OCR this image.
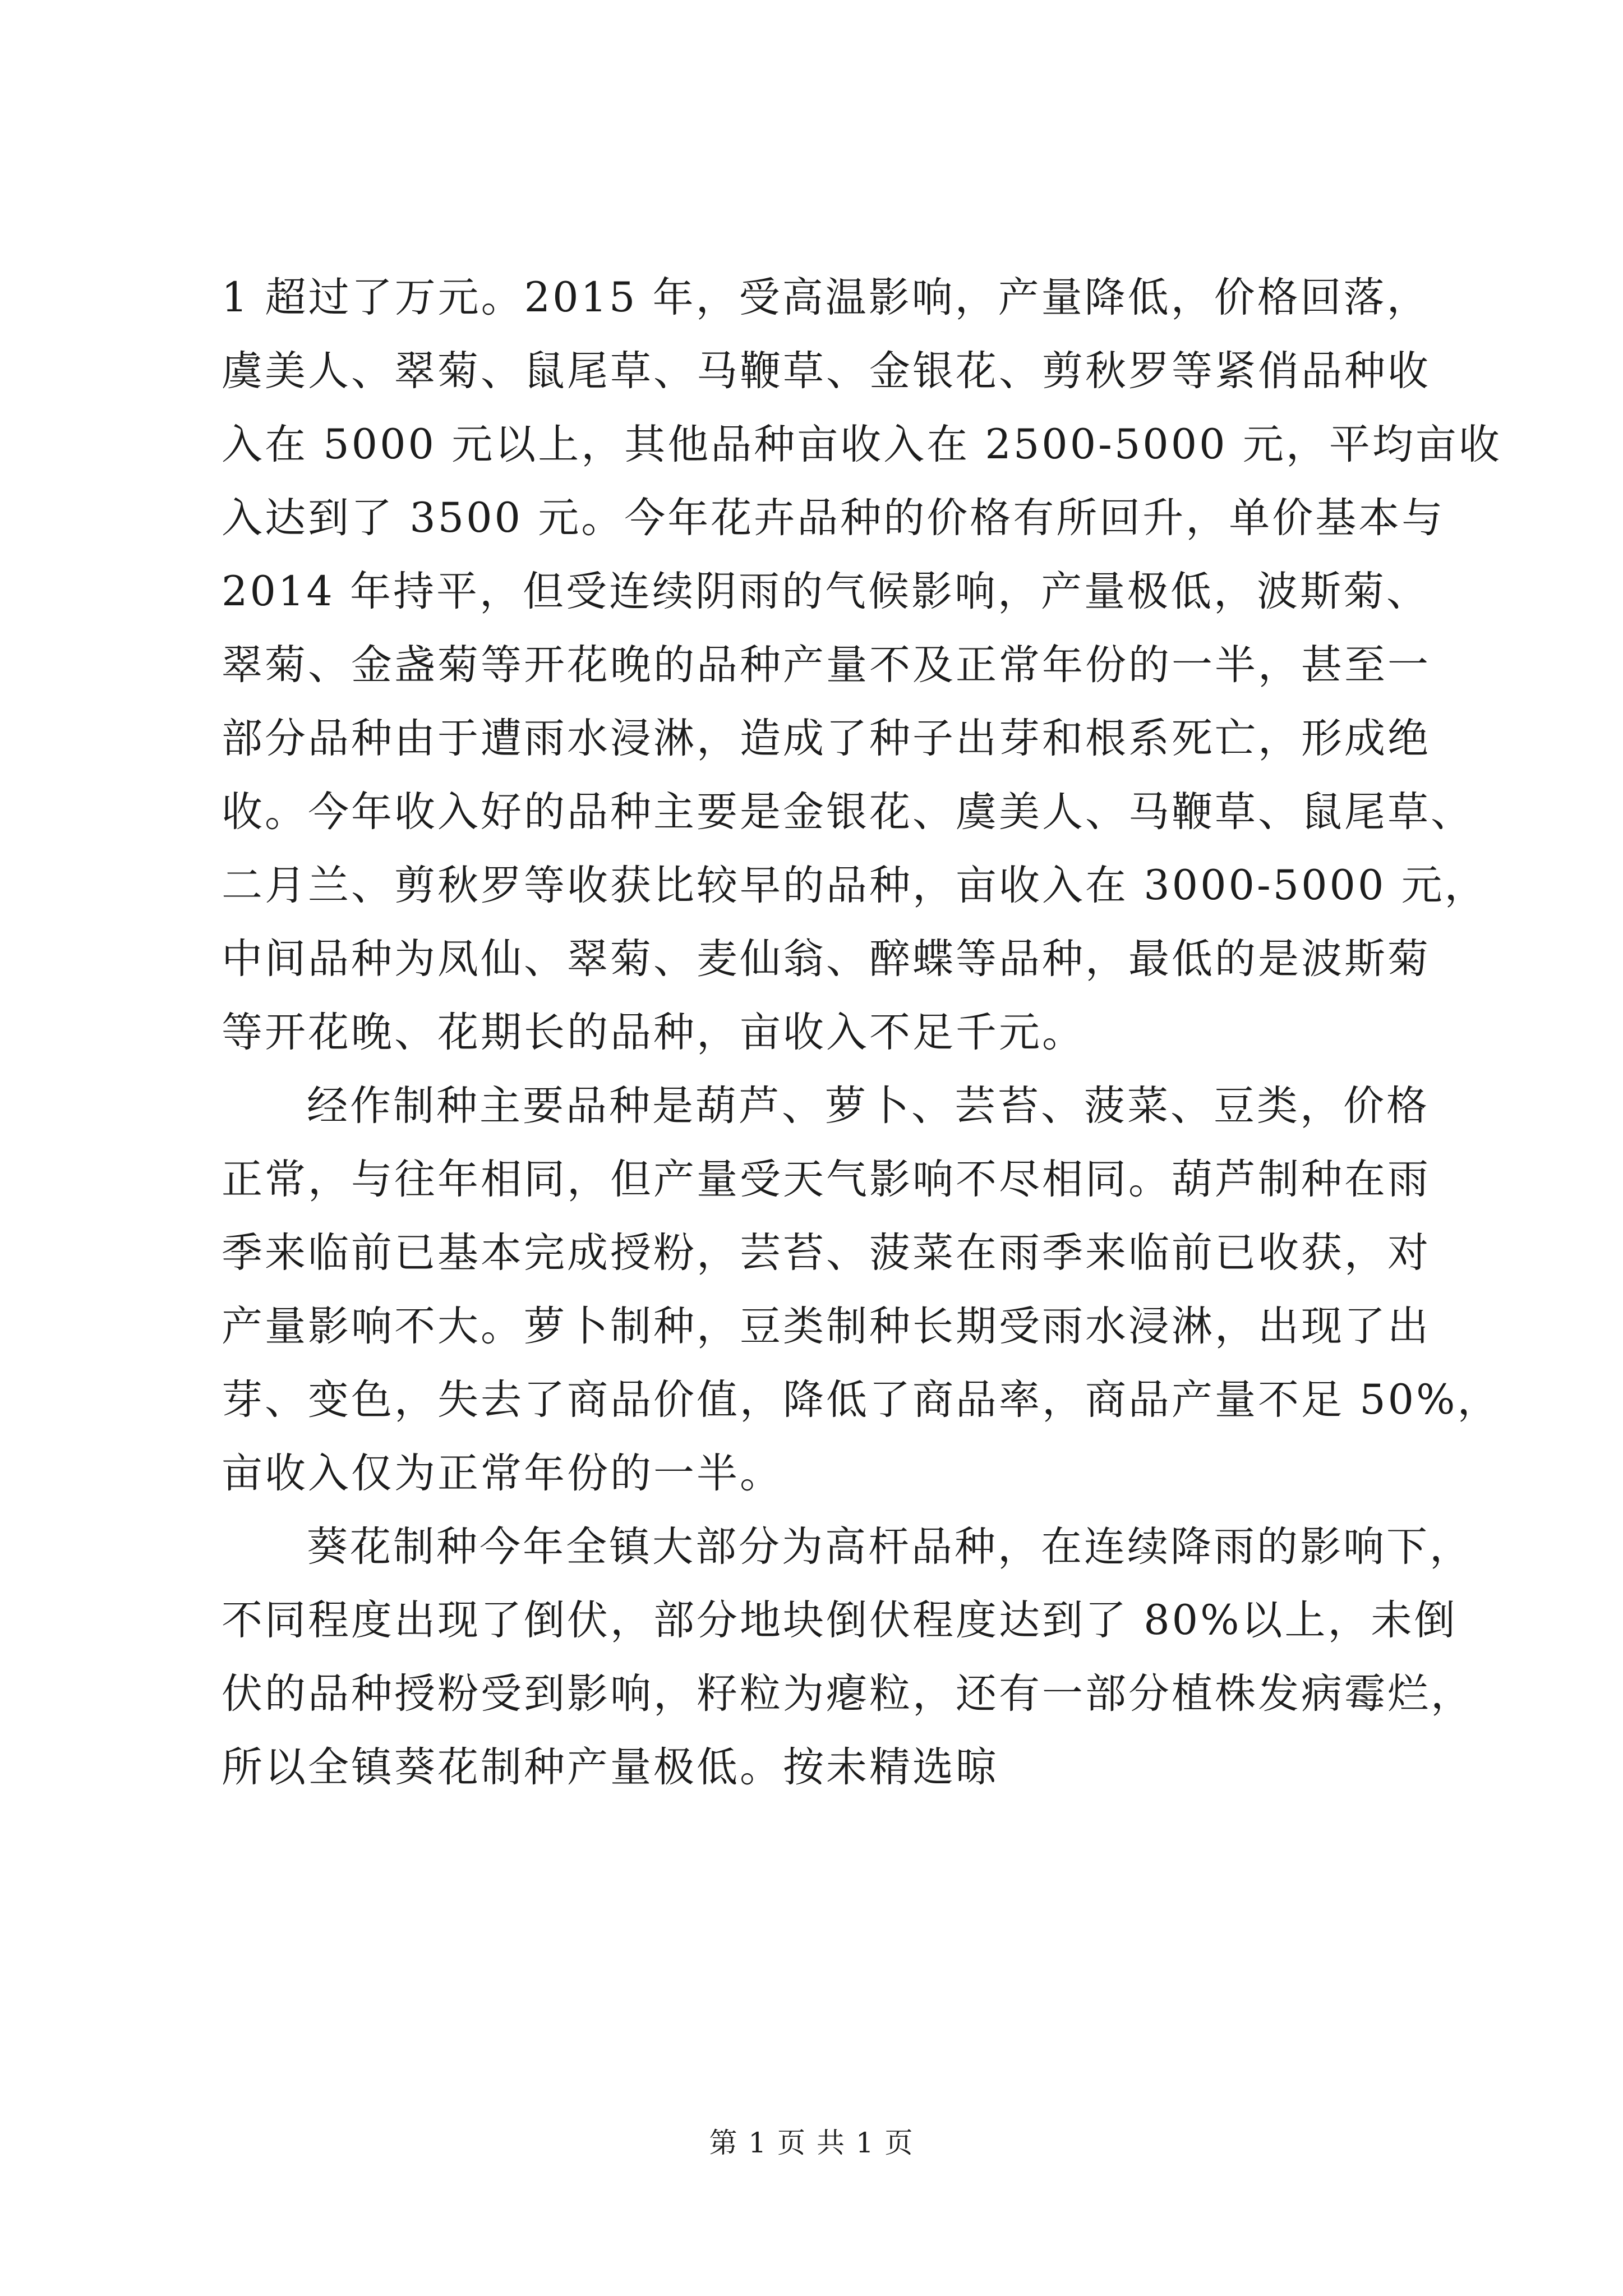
1 超过了万元。2015 年，受高温影响，产量降低，价格回落，
虞美人、翠菊、鼠尾草、马鞭草、金银花、剪秋罗等紧俏品种收
入在 5000 元以上，其他品种亩收入在 2500-5000 元，平均亩收
入达到了 3500 元。今年花卉品种的价格有所回升，单价基本与
2014 年持平，但受连续阴雨的气候影响，产量极低，波斯菊、
翠菊、金盏菊等开花晚的品种产量不及正常年份的一半，甚至一
部分品种由于遭雨水浸淋，造成了种子出芽和根系死亡，形成绝
收。今年收入好的品种主要是金银花、虞美人、马鞭草、鼠尾草、
二月兰、剪秋罗等收获比较早的品种，亩收入在 3000-5000 元，
中间品种为凤仙、翠菊、麦仙翁、醉蝶等品种，最低的是波斯菊
等开花晚、花期长的品种，亩收入不足千元。
经作制种主要品种是葫芦、萝卜、芸苔、菠菜、豆类，价格
正常，与往年相同，但产量受天气影响不尽相同。葫芦制种在雨
季来临前已基本完成授粉，芸苔、菠菜在雨季来临前已收获，对
产量影响不大。萝卜制种，豆类制种长期受雨水浸淋，出现了出
芽、变色，失去了商品价值，降低了商品率，商品产量不足 50%，
亩收入仅为正常年份的一半。
葵花制种今年全镇大部分为高杆品种，在连续降雨的影响下，
不同程度出现了倒伏，部分地块倒伏程度达到了 80%以上，未倒
伏的品种授粉受到影响，籽粒为瘪粒，还有一部分植株发病霉烂，
所以全镇葵花制种产量极低。按未精选晾
第 1 页 共 1 页
